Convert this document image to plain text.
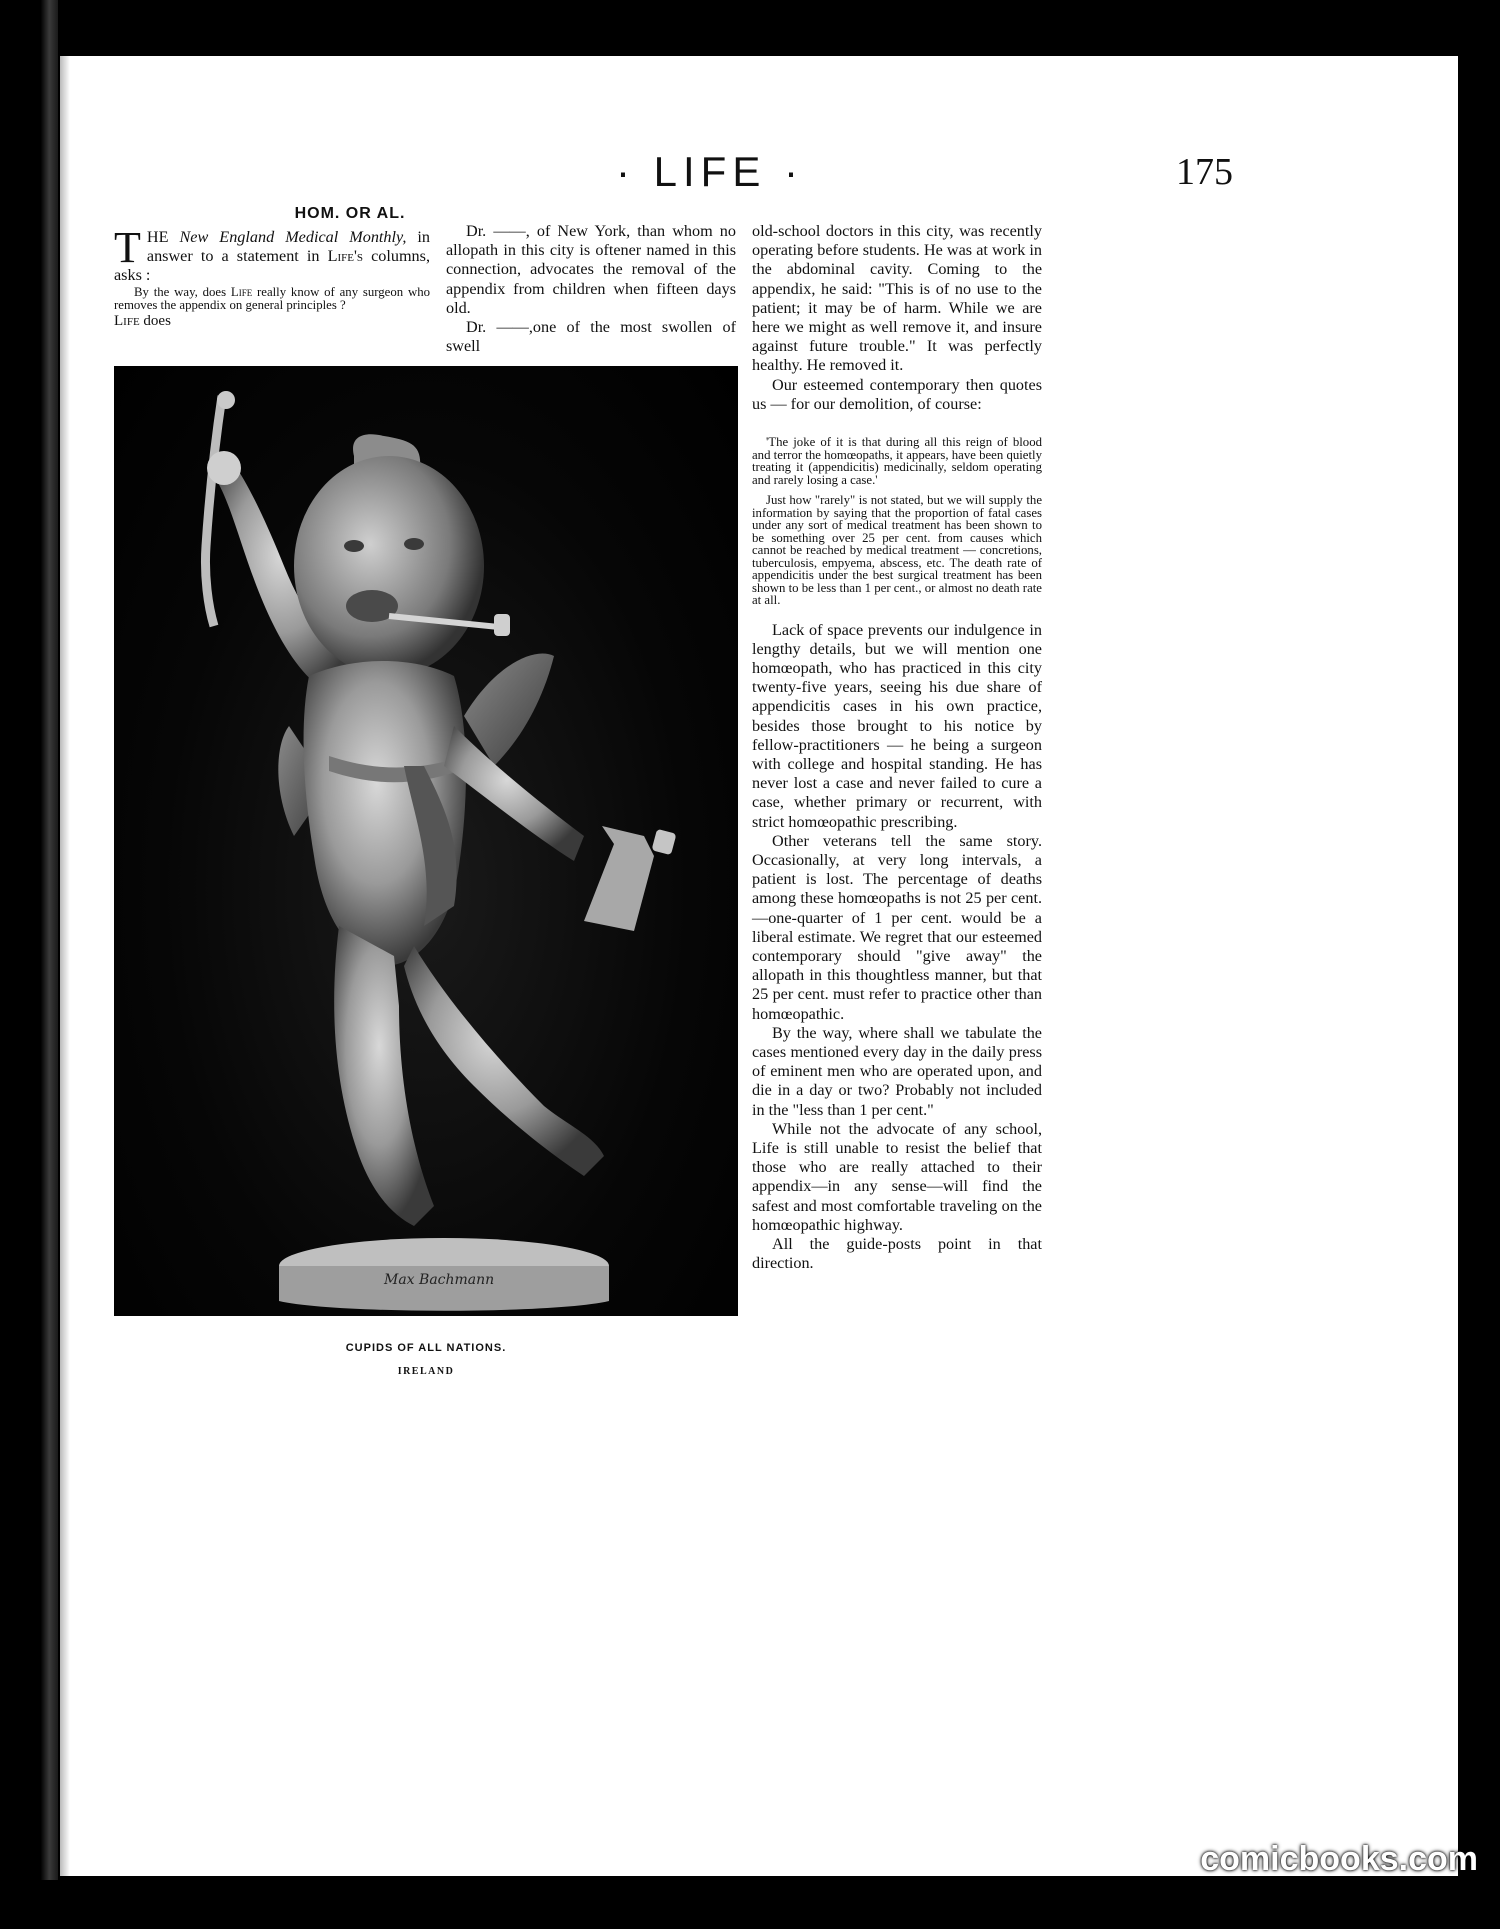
· LIFE ·	175
HOM. OR AL.

THE New England Medical Monthly, in answer to a statement in Life's columns, asks :

By the way, does Life really know of any surgeon who removes the appendix on general principles ?

Life does

Dr. ——, of New York, than whom no allopath in this city is oftener named in this connection, advocates the removal of the appendix from children when fifteen days old.

Dr. ——,one of the most swollen of swell

old-school doctors in this city, was recently operating before students. He was at work in the abdominal cavity. Coming to the appendix, he said: "This is of no use to the patient; it may be of harm. While we are here we might as well remove it, and insure against future trouble." It was perfectly healthy. He removed it.

Our esteemed contemporary then quotes us — for our demolition, of course:

'The joke of it is that during all this reign of blood and terror the homœopaths, it appears, have been quietly treating it (appendicitis) medicinally, seldom operating and rarely losing a case.'

Just how "rarely" is not stated, but we will supply the information by saying that the proportion of fatal cases under any sort of medical treatment has been shown to be something over 25 per cent. from causes which cannot be reached by medical treatment — concretions, tuberculosis, empyema, abscess, etc. The death rate of appendicitis under the best surgical treatment has been shown to be less than 1 per cent., or almost no death rate at all.

Lack of space prevents our indulgence in lengthy details, but we will mention one homœopath, who has practiced in this city twenty-five years, seeing his due share of appendicitis cases in his own practice, besides those brought to his notice by fellow-practitioners — he being a surgeon with college and hospital standing. He has never lost a case and never failed to cure a case, whether primary or recurrent, with strict homœopathic prescribing.

Other veterans tell the same story. Occasionally, at very long intervals, a patient is lost. The percentage of deaths among these homœopaths is not 25 per cent.—one-quarter of 1 per cent. would be a liberal estimate. We regret that our esteemed contemporary should "give away" the allopath in this thoughtless manner, but that 25 per cent. must refer to practice other than homœopathic.

By the way, where shall we tabulate the cases mentioned every day in the daily press of eminent men who are operated upon, and die in a day or two? Probably not included in the "less than 1 per cent."

While not the advocate of any school, Life is still unable to resist the belief that those who are really attached to their appendix—in any sense—will find the safest and most comfortable traveling on the homœopathic highway.

All the guide-posts point in that direction.

Max Bachmann
CUPIDS OF ALL NATIONS.
IRELAND
comicbooks.com
